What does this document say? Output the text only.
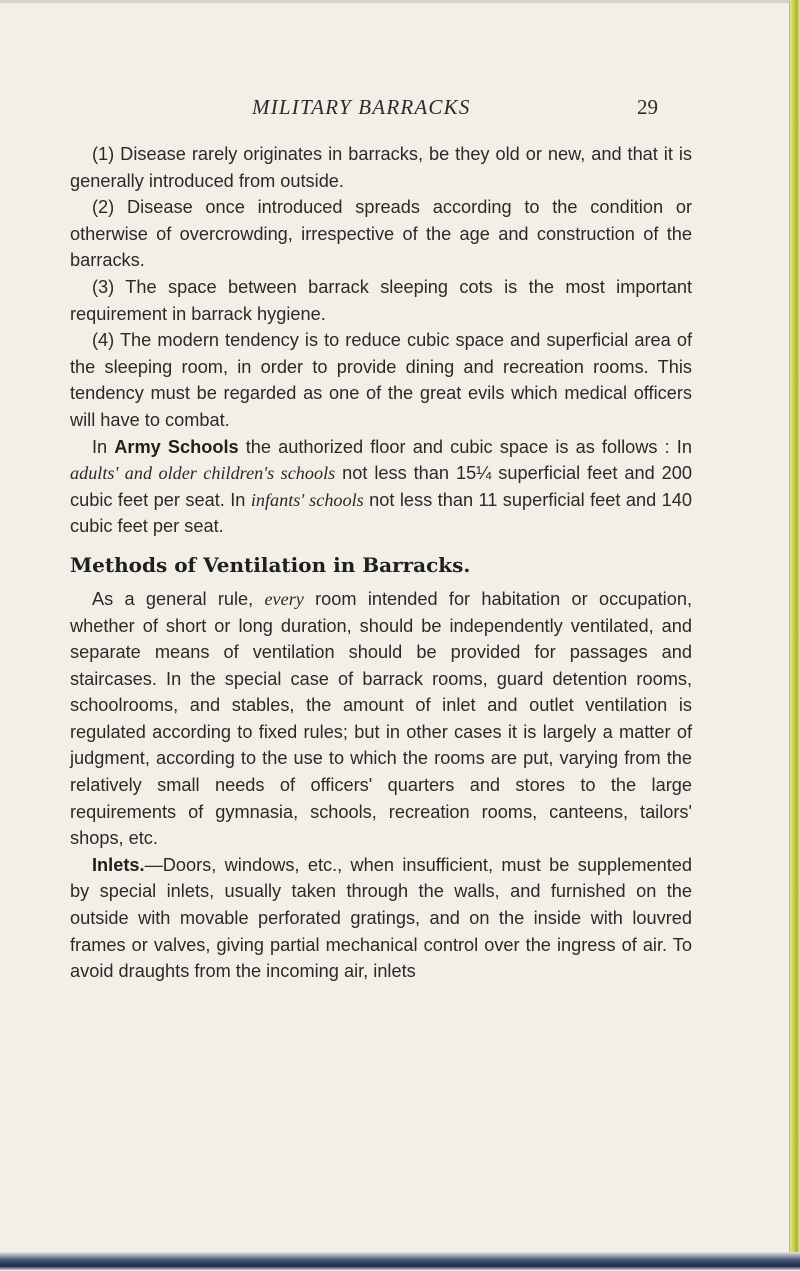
MILITARY BARRACKS	29

(1) Disease rarely originates in barracks, be they old or new, and that it is generally introduced from outside.

(2) Disease once introduced spreads according to the condition or otherwise of overcrowding, irrespective of the age and construction of the barracks.

(3) The space between barrack sleeping cots is the most important requirement in barrack hygiene.

(4) The modern tendency is to reduce cubic space and superficial area of the sleeping room, in order to provide dining and recreation rooms. This tendency must be regarded as one of the great evils which medical officers will have to combat.

In Army Schools the authorized floor and cubic space is as follows : In adults' and older children's schools not less than 15¼ superficial feet and 200 cubic feet per seat. In infants' schools not less than 11 superficial feet and 140 cubic feet per seat.

Methods of Ventilation in Barracks.

As a general rule, every room intended for habitation or occupation, whether of short or long duration, should be independently ventilated, and separate means of ventilation should be provided for passages and staircases. In the special case of barrack rooms, guard detention rooms, schoolrooms, and stables, the amount of inlet and outlet ventilation is regulated according to fixed rules; but in other cases it is largely a matter of judgment, according to the use to which the rooms are put, varying from the relatively small needs of officers' quarters and stores to the large requirements of gymnasia, schools, recreation rooms, canteens, tailors' shops, etc.

Inlets.—Doors, windows, etc., when insufficient, must be supplemented by special inlets, usually taken through the walls, and furnished on the outside with movable perforated gratings, and on the inside with louvred frames or valves, giving partial mechanical control over the ingress of air. To avoid draughts from the incoming air, inlets
